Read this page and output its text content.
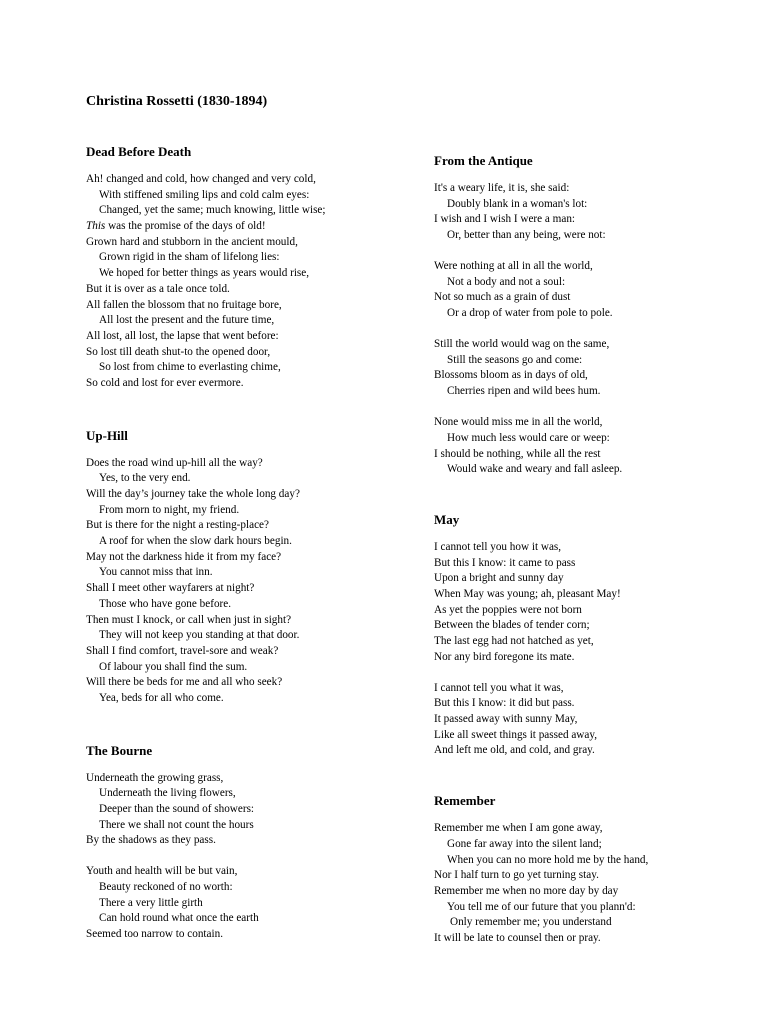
Christina Rossetti (1830-1894)
Dead Before Death
Ah! changed and cold, how changed and very cold,
With stiffened smiling lips and cold calm eyes:
Changed, yet the same; much knowing, little wise;
This was the promise of the days of old!
Grown hard and stubborn in the ancient mould,
Grown rigid in the sham of lifelong lies:
We hoped for better things as years would rise,
But it is over as a tale once told.
All fallen the blossom that no fruitage bore,
All lost the present and the future time,
All lost, all lost, the lapse that went before:
So lost till death shut-to the opened door,
So lost from chime to everlasting chime,
So cold and lost for ever evermore.
Up-Hill
Does the road wind up-hill all the way?
Yes, to the very end.
Will the day’s journey take the whole long day?
From morn to night, my friend.
But is there for the night a resting-place?
A roof for when the slow dark hours begin.
May not the darkness hide it from my face?
You cannot miss that inn.
Shall I meet other wayfarers at night?
Those who have gone before.
Then must I knock, or call when just in sight?
They will not keep you standing at that door.
Shall I find comfort, travel-sore and weak?
Of labour you shall find the sum.
Will there be beds for me and all who seek?
Yea, beds for all who come.
The Bourne
Underneath the growing grass,
Underneath the living flowers,
Deeper than the sound of showers:
There we shall not count the hours
By the shadows as they pass.
Youth and health will be but vain,
Beauty reckoned of no worth:
There a very little girth
Can hold round what once the earth
Seemed too narrow to contain.
From the Antique
It's a weary life, it is, she said:
Doubly blank in a woman's lot:
I wish and I wish I were a man:
Or, better than any being, were not:
Were nothing at all in all the world,
Not a body and not a soul:
Not so much as a grain of dust
Or a drop of water from pole to pole.
Still the world would wag on the same,
Still the seasons go and come:
Blossoms bloom as in days of old,
Cherries ripen and wild bees hum.
None would miss me in all the world,
How much less would care or weep:
I should be nothing, while all the rest
Would wake and weary and fall asleep.
May
I cannot tell you how it was,
But this I know: it came to pass
Upon a bright and sunny day
When May was young; ah, pleasant May!
As yet the poppies were not born
Between the blades of tender corn;
The last egg had not hatched as yet,
Nor any bird foregone its mate.
I cannot tell you what it was,
But this I know: it did but pass.
It passed away with sunny May,
Like all sweet things it passed away,
And left me old, and cold, and gray.
Remember
Remember me when I am gone away,
Gone far away into the silent land;
When you can no more hold me by the hand,
Nor I half turn to go yet turning stay.
Remember me when no more day by day
You tell me of our future that you plann'd:
Only remember me; you understand
It will be late to counsel then or pray.
